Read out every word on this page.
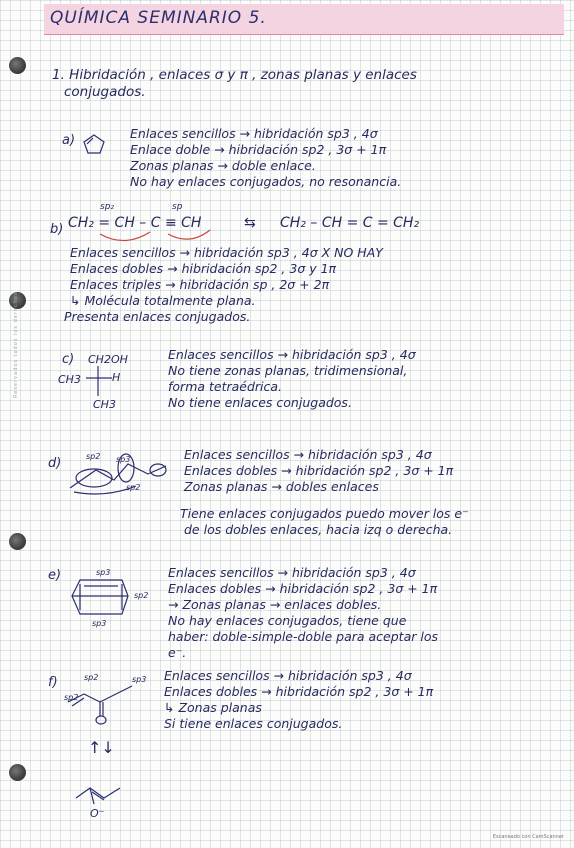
QUÍMICA SEMINARIO 5.
Reservados todos los derechos
1. Hibridación , enlaces σ y π , zonas planas y enlaces
conjugados.
a)	Enlaces sencillos → hibridación sp3 , 4σ
Enlace doble → hibridación sp2 , 3σ + 1π
Zonas planas → doble enlace.
No hay enlaces conjugados, no resonancia.
b)
sp₂	sp
CH₂ = CH – C ≡ CH	⇆ CH₂ – CH = C = CH₂
Enlaces sencillos → hibridación sp3 , 4σ X NO HAY
Enlaces dobles → hibridación sp2 , 3σ y 1π
Enlaces triples → hibridación sp , 2σ + 2π
↳ Molécula totalmente plana.
Presenta enlaces conjugados.
c) CH2OH
CH3	H
CH3
Enlaces sencillos → hibridación sp3 , 4σ
No tiene zonas planas, tridimensional,
forma tetraédrica.
No tiene enlaces conjugados.
d)	sp2 sp3
sp2
Enlaces sencillos → hibridación sp3 , 4σ
Enlaces dobles → hibridación sp2 , 3σ + 1π
Zonas planas → dobles enlaces
Tiene enlaces conjugados puedo mover los e⁻
de los dobles enlaces, hacia izq o derecha.
e)	sp3
sp2
sp3
Enlaces sencillos → hibridación sp3 , 4σ
Enlaces dobles → hibridación sp2 , 3σ + 1π
→ Zonas planas → enlaces dobles.
No hay enlaces conjugados, tiene que
haber: doble-simple-doble para aceptar los
e⁻.
f)	sp2	sp3
sp2
Enlaces sencillos → hibridación sp3 , 4σ
Enlaces dobles → hibridación sp2 , 3σ + 1π
↳ Zonas planas
Si tiene enlaces conjugados.
↑↓
O⁻
Escaneado con CamScanner
